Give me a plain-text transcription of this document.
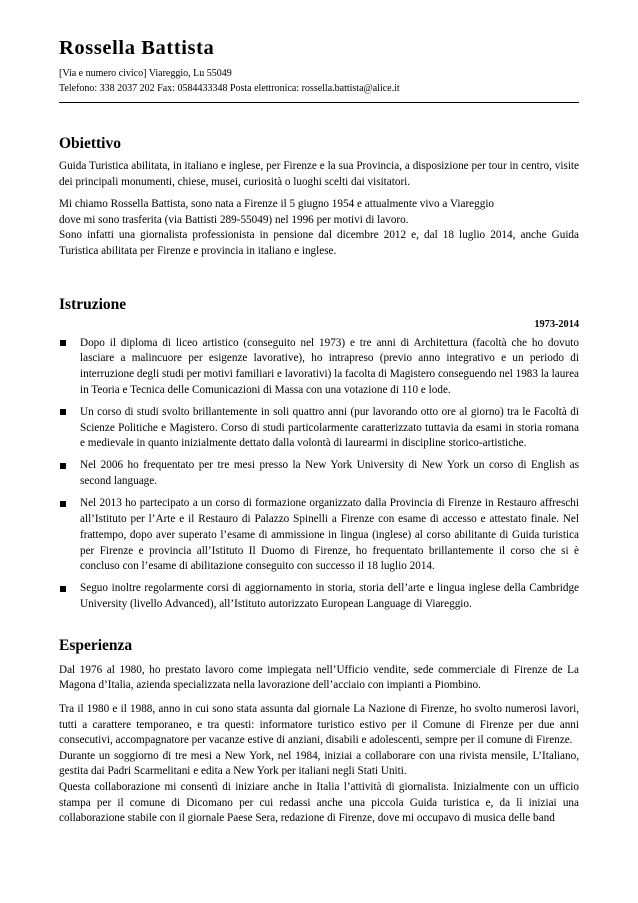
Rossella Battista
[Via e numero civico] Viareggio, Lu 55049
Telefono: 338 2037 202 Fax: 0584433348 Posta elettronica: rossella.battista@alice.it
Obiettivo

Guida Turistica abilitata, in italiano e inglese, per Firenze e la sua Provincia, a disposizione per tour in centro, visite dei principali monumenti, chiese, musei, curiosità o luoghi scelti dai visitatori.

Mi chiamo Rossella Battista, sono nata a Firenze il 5 giugno 1954 e attualmente vivo a Viareggio

dove mi sono trasferita (via Battisti 289-55049) nel 1996 per motivi di lavoro.

Sono infatti una giornalista professionista in pensione dal dicembre 2012 e, dal 18 luglio 2014, anche Guida Turistica abilitata per Firenze e provincia in italiano e inglese.

Istruzione
1973-2014
Dopo il diploma di liceo artistico (conseguito nel 1973) e tre anni di Architettura (facoltà che ho dovuto lasciare a malincuore per esigenze lavorative), ho intrapreso (previo anno integrativo e un periodo di interruzione degli studi per motivi familiari e lavorativi) la facolta di Magistero conseguendo nel 1983 la laurea in Teoria e Tecnica delle Comunicazioni di Massa con una votazione di 110 e lode.
Un corso di studi svolto brillantemente in soli quattro anni (pur lavorando otto ore al giorno) tra le Facoltà di Scienze Politiche e Magistero. Corso di studi particolarmente caratterizzato tuttavia da esami in storia romana e medievale in quanto inizialmente dettato dalla volontà di laurearmi in discipline storico-artistiche.
Nel 2006 ho frequentato per tre mesi presso la New York University di New York un corso di English as second language.
Nel 2013 ho partecipato a un corso di formazione organizzato dalla Provincia di Firenze in Restauro affreschi all’Istituto per l’Arte e il Restauro di Palazzo Spinelli a Firenze con esame di accesso e attestato finale. Nel frattempo, dopo aver superato l’esame di ammissione in lingua (inglese) al corso abilitante di Guida turistica per Firenze e provincia all’Istituto Il Duomo di Firenze, ho frequentato brillantemente il corso che si è concluso con l’esame di abilitazione conseguito con successo il 18 luglio 2014.
Seguo inoltre regolarmente corsi di aggiornamento in storia, storia dell’arte e lingua inglese della Cambridge University (livello Advanced), all’Istituto autorizzato European Language di Viareggio.
Esperienza

Dal 1976 al 1980, ho prestato lavoro come impiegata nell’Ufficio vendite, sede commerciale di Firenze de La Magona d’Italia, azienda specializzata nella lavorazione dell’acciaio con impianti a Piombino.

Tra il 1980 e il 1988, anno in cui sono stata assunta dal giornale La Nazione di Firenze, ho svolto numerosi lavori, tutti a carattere temporaneo, e tra questi: informatore turistico estivo per il Comune di Firenze per due anni consecutivi, accompagnatore per vacanze estive di anziani, disabili e adolescenti, sempre per il comune di Firenze.

Durante un soggiorno di tre mesi a New York, nel 1984, iniziai a collaborare con una rivista mensile, L’Italiano, gestita dai Padri Scarmelitani e edita a New York per italiani negli Stati Uniti.

Questa collaborazione mi consentì di iniziare anche in Italia l’attività di giornalista. Inizialmente con un ufficio stampa per il comune di Dicomano per cui redassi anche una piccola Guida turistica e, da lì iniziai una collaborazione stabile con il giornale Paese Sera, redazione di Firenze, dove mi occupavo di musica delle band
